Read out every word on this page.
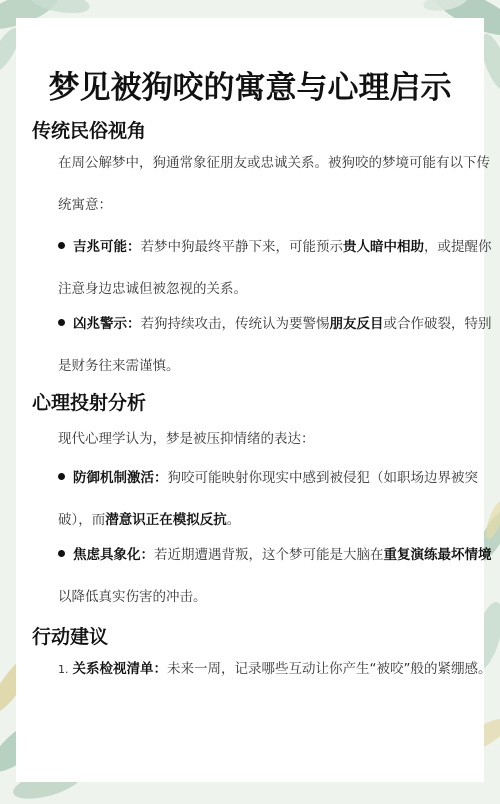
梦见被狗咬的寓意与心理启示
传统民俗视角
在周公解梦中，狗通常象征朋友或忠诚关系。被狗咬的梦境可能有以下传统寓意：
吉兆可能：若梦中狗最终平静下来，可能预示贵人暗中相助，或提醒你注意身边忠诚但被忽视的关系。
凶兆警示：若狗持续攻击，传统认为要警惕朋友反目或合作破裂，特别是财务往来需谨慎。
心理投射分析
现代心理学认为，梦是被压抑情绪的表达：
防御机制激活：狗咬可能映射你现实中感到被侵犯（如职场边界被突破），而潜意识正在模拟反抗。
焦虑具象化：若近期遭遇背叛，这个梦可能是大脑在重复演练最坏情境以降低真实伤害的冲击。
行动建议
1. 关系检视清单：未来一周，记录哪些互动让你产生“被咬”般的紧绷感。
